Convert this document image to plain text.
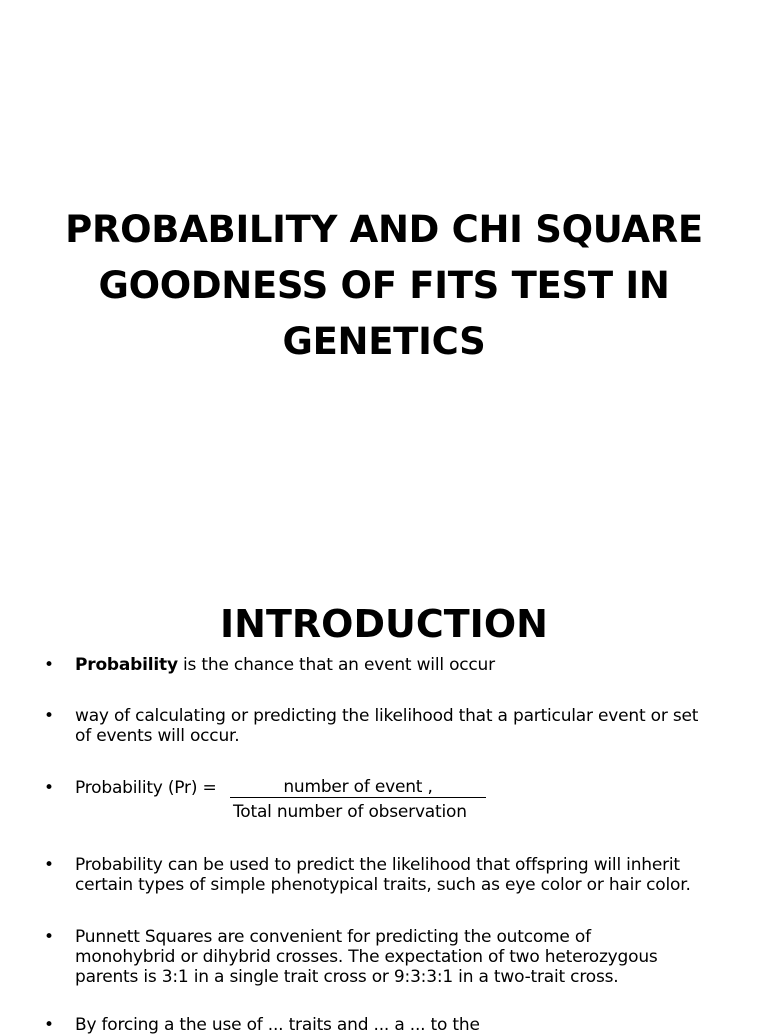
PROBABILITY AND CHI SQUARE
GOODNESS OF FITS TEST IN
GENETICS
INTRODUCTION
• Probability is the chance that an event will occur
• way of calculating or predicting the likelihood that a particular event or set
of events will occur.
• Probability (Pr) =	number of event ,
Total number of observation
• Probability can be used to predict the likelihood that offspring will inherit
certain types of simple phenotypical traits, such as eye color or hair color.
• Punnett Squares are convenient for predicting the outcome of
monohybrid or dihybrid crosses. The expectation of two heterozygous
parents is 3:1 in a single trait cross or 9:3:3:1 in a two-trait cross.
• By forcing a the use of ... traits and ... a ... to the
